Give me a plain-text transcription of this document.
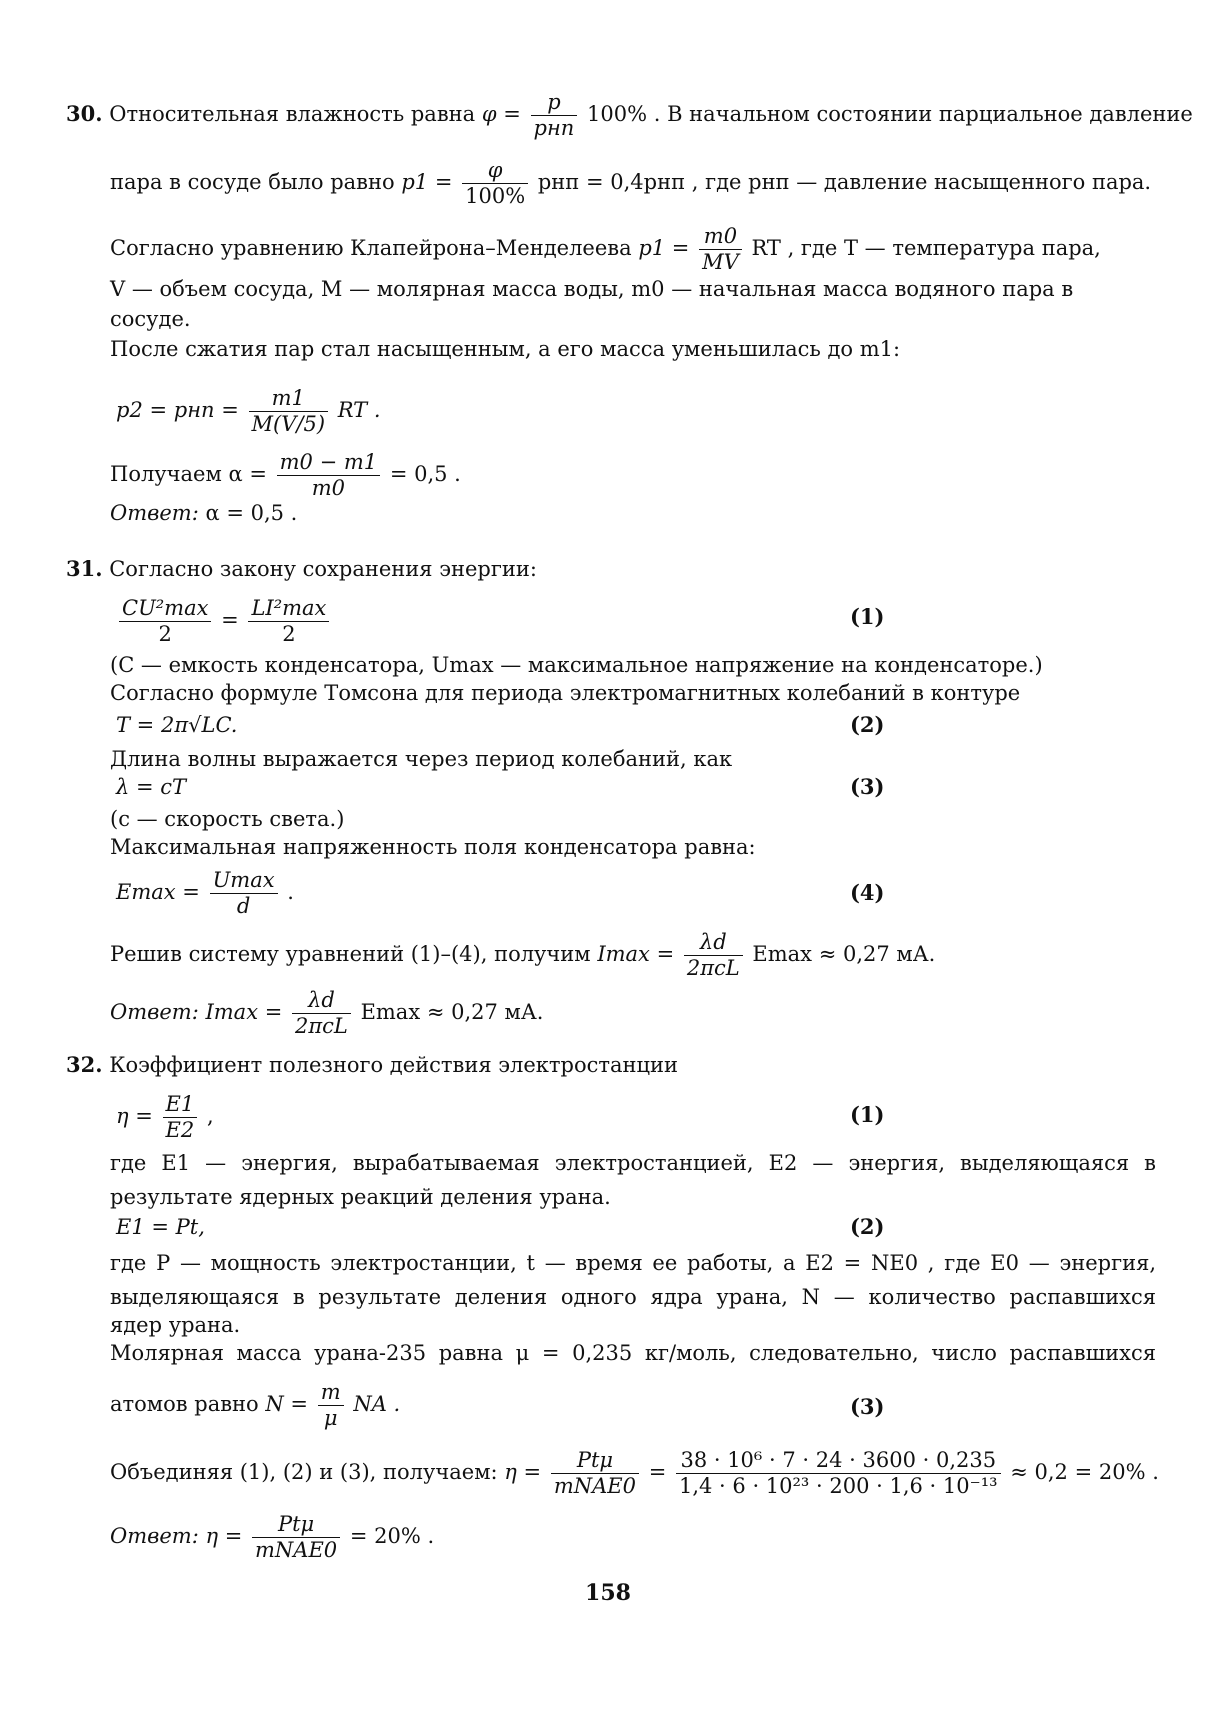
30. Относительная влажность равна $\varphi = \frac{p}{\text{pнп}} 100\%$ . В начальном состоянии парциальное давление
пара в сосуде было равно $p1 = \frac{\varphi}{100\%}$ pнп = 0,4pнп , где pнп — давление насыщенного пара.
Согласно уравнению Клапейрона–Менделеева $p1 = \frac{m0}{MV}$ RT , где T — температура пара,
V — объем сосуда, M — молярная масса воды, m0 — начальная масса водяного пара в
сосуде.
После сжатия пар стал насыщенным, а его масса уменьшилась до m1:
p2 = pнп = $\frac{m1}{M(V/5)}$ RT .
Получаем $\alpha = \frac{m0 - m1}{m0} = 0,5$ .
Ответ: α = 0,5 .
31. Согласно закону сохранения энергии:
$\frac{\text{CU²max}}{2} = \frac{\text{LI²max}}{2}$	(1)
(C — емкость конденсатора, Umax — максимальное напряжение на конденсаторе.)
Согласно формуле Томсона для периода электромагнитных колебаний в контуре
T = 2π√LC.	(2)
Длина волны выражается через период колебаний, как
λ = cT	(3)
(c — скорость света.)
Максимальная напряженность поля конденсатора равна:
$Emax = \frac{Umax}{d}$ .	(4)
Решив систему уравнений (1)–(4), получим $Imax = \frac{\lambda d}{\text{2πcL}}$ Emax ≈ 0,27 мА.
Ответ: $Imax = \frac{\lambda d}{\text{2πcL}}$ Emax ≈ 0,27 мА.
32. Коэффициент полезного действия электростанции
$\eta = \frac{E1}{E2}$ ,	(1)
где E1 — энергия, вырабатываемая электростанцией, E2 — энергия, выделяющаяся в
результате ядерных реакций деления урана.
E1 = Pt,	(2)
где P — мощность электростанции, t — время ее работы, а E2 = NE0 , где E0 — энергия,
выделяющаяся в результате деления одного ядра урана, N — количество распавшихся
ядер урана.
Молярная масса урана-235 равна μ = 0,235 кг/моль, следовательно, число распавшихся
атомов равно $N = \frac{m}{\mu}$ NA .	(3)
Объединяя (1), (2) и (3), получаем: $\eta = \frac{\text{Ptμ}}{\text{mNAE0}} = \frac{\text{38 · 10⁶ · 7 · 24 · 3600 · 0,235}}{\text{1,4 · 6 · 10²³ · 200 · 1,6 · 10⁻¹³}} \approx 0,2 = 20\%$ .
Ответ: $\eta = \frac{\text{Ptμ}}{\text{mNAE0}} = 20\%$ .
158
